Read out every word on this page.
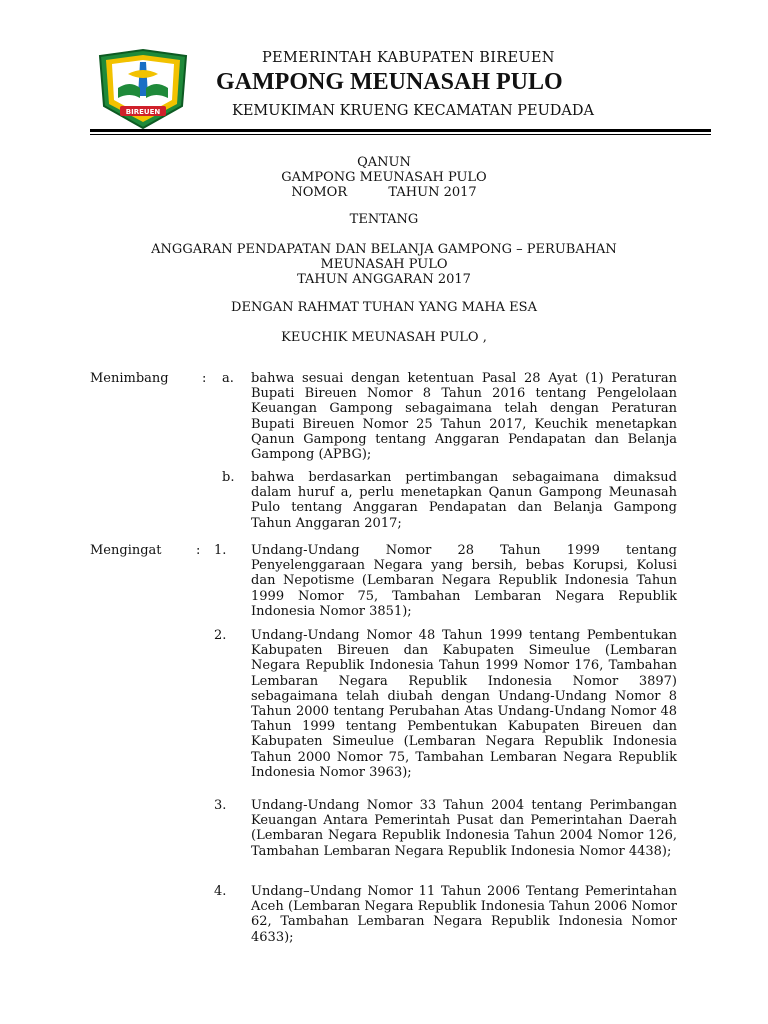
BIREUEN
PEMERINTAH KABUPATEN BIREUEN
GAMPONG MEUNASAH PULO
KEMUKIMAN KRUENG KECAMATAN PEUDADA
QANUN
GAMPONG MEUNASAH PULO
NOMOR          TAHUN 2017
TENTANG
ANGGARAN PENDAPATAN DAN BELANJA GAMPONG – PERUBAHAN
MEUNASAH PULO
TAHUN ANGGARAN 2017
DENGAN RAHMAT TUHAN YANG MAHA ESA
KEUCHIK MEUNASAH PULO ,
Menimbang	: a. bahwa sesuai dengan ketentuan Pasal 28 Ayat (1) Peraturan Bupati Bireuen Nomor 8 Tahun 2016 tentang Pengelolaan Keuangan Gampong sebagaimana telah dengan Peraturan Bupati Bireuen Nomor 25 Tahun 2017, Keuchik menetapkan Qanun Gampong tentang Anggaran Pendapatan dan Belanja Gampong (APBG);
b. bahwa berdasarkan pertimbangan sebagaimana dimaksud dalam huruf a, perlu menetapkan Qanun Gampong Meunasah Pulo tentang Anggaran Pendapatan dan Belanja Gampong Tahun Anggaran 2017;
Mengingat	: 1. Undang-Undang Nomor 28 Tahun 1999 tentang Penyelenggaraan Negara yang bersih, bebas Korupsi, Kolusi dan Nepotisme (Lembaran Negara Republik Indonesia Tahun 1999 Nomor 75, Tambahan Lembaran Negara Republik Indonesia Nomor 3851);
2. Undang-Undang Nomor 48 Tahun 1999 tentang Pembentukan Kabupaten Bireuen dan Kabupaten Simeulue (Lembaran Negara Republik Indonesia Tahun 1999 Nomor 176, Tambahan Lembaran Negara Republik Indonesia Nomor 3897) sebagaimana telah diubah dengan Undang-Undang Nomor 8 Tahun 2000 tentang Perubahan Atas Undang-Undang Nomor 48 Tahun 1999 tentang Pembentukan Kabupaten Bireuen dan Kabupaten Simeulue (Lembaran Negara Republik Indonesia Tahun 2000 Nomor 75, Tambahan Lembaran Negara Republik Indonesia Nomor 3963);
3. Undang-Undang Nomor 33 Tahun 2004 tentang Perimbangan Keuangan Antara Pemerintah Pusat dan Pemerintahan Daerah (Lembaran Negara Republik Indonesia Tahun 2004 Nomor 126, Tambahan Lembaran Negara Republik Indonesia Nomor 4438);
4. Undang–Undang Nomor 11 Tahun 2006 Tentang Pemerintahan Aceh (Lembaran Negara Republik Indonesia Tahun 2006 Nomor 62, Tambahan Lembaran Negara Republik Indonesia Nomor 4633);
